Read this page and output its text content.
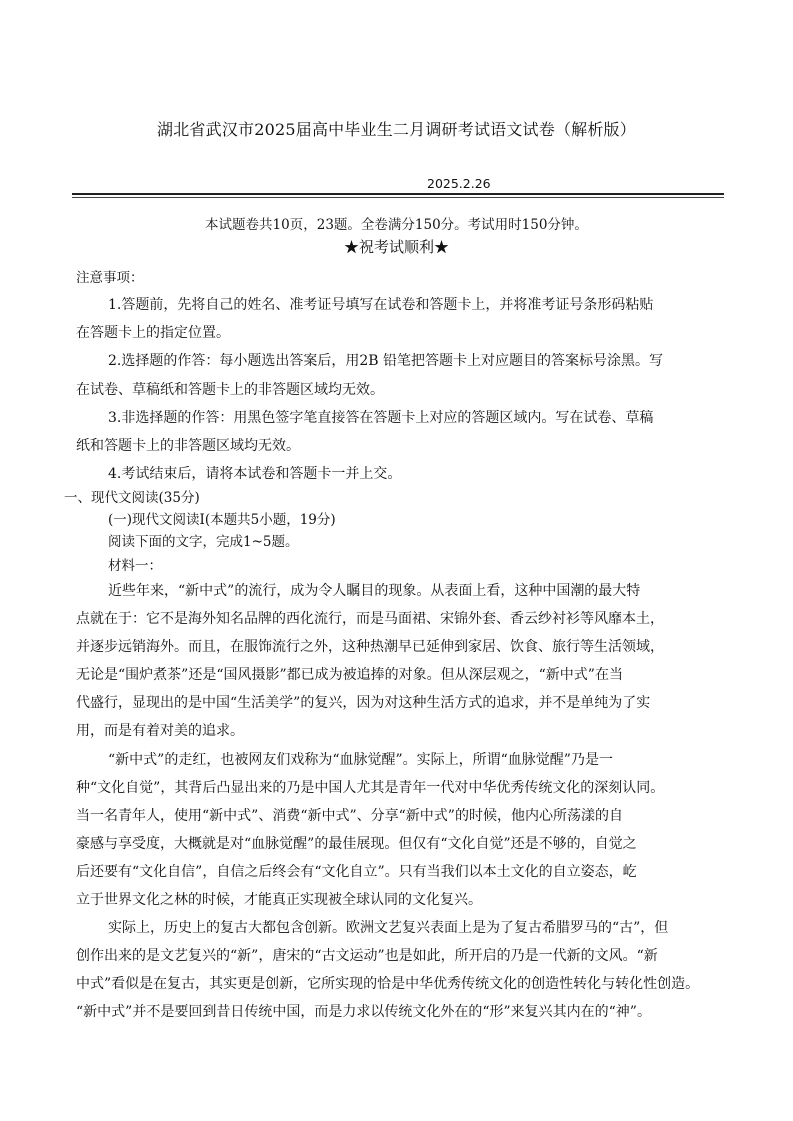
湖北省武汉市2025届高中毕业生二月调研考试语文试卷（解析版）
2025.2.26
本试题卷共10页，23题。全卷满分150分。考试用时150分钟。
★祝考试顺利★
注意事项：
1.答题前，先将自己的姓名、准考证号填写在试卷和答题卡上，并将准考证号条形码粘贴
在答题卡上的指定位置。
2.选择题的作答：每小题选出答案后，用2B 铅笔把答题卡上对应题目的答案标号涂黑。写
在试卷、草稿纸和答题卡上的非答题区域均无效。
3.非选择题的作答：用黑色签字笔直接答在答题卡上对应的答题区域内。写在试卷、草稿
纸和答题卡上的非答题区域均无效。
4.考试结束后，请将本试卷和答题卡一并上交。
一、现代文阅读(35分)
(一)现代文阅读Ⅰ(本题共5小题，19分)
阅读下面的文字，完成1~5题。
材料一：
近些年来，“新中式”的流行，成为令人瞩目的现象。从表面上看，这种中国潮的最大特
点就在于：它不是海外知名品牌的西化流行，而是马面裙、宋锦外套、香云纱衬衫等风靡本土，
并逐步远销海外。而且，在服饰流行之外，这种热潮早已延伸到家居、饮食、旅行等生活领域，
无论是“围炉煮茶”还是“国风摄影”都已成为被追捧的对象。但从深层观之，“新中式”在当
代盛行，显现出的是中国“生活美学”的复兴，因为对这种生活方式的追求，并不是单纯为了实
用，而是有着对美的追求。
“新中式”的走红，也被网友们戏称为“血脉觉醒”。实际上，所谓“血脉觉醒”乃是一
种“文化自觉”，其背后凸显出来的乃是中国人尤其是青年一代对中华优秀传统文化的深刻认同。
当一名青年人，使用“新中式”、消费“新中式”、分享“新中式”的时候，他内心所荡漾的自
豪感与享受度，大概就是对“血脉觉醒”的最佳展现。但仅有“文化自觉”还是不够的，自觉之
后还要有“文化自信”，自信之后终会有“文化自立”。只有当我们以本土文化的自立姿态，屹
立于世界文化之林的时候，才能真正实现被全球认同的文化复兴。
实际上，历史上的复古大都包含创新。欧洲文艺复兴表面上是为了复古希腊罗马的“古”，但
创作出来的是文艺复兴的“新”，唐宋的“古文运动”也是如此，所开启的乃是一代新的文风。“新
中式”看似是在复古，其实更是创新，它所实现的恰是中华优秀传统文化的创造性转化与转化性创造。
“新中式”并不是要回到昔日传统中国，而是力求以传统文化外在的“形”来复兴其内在的“神”。
